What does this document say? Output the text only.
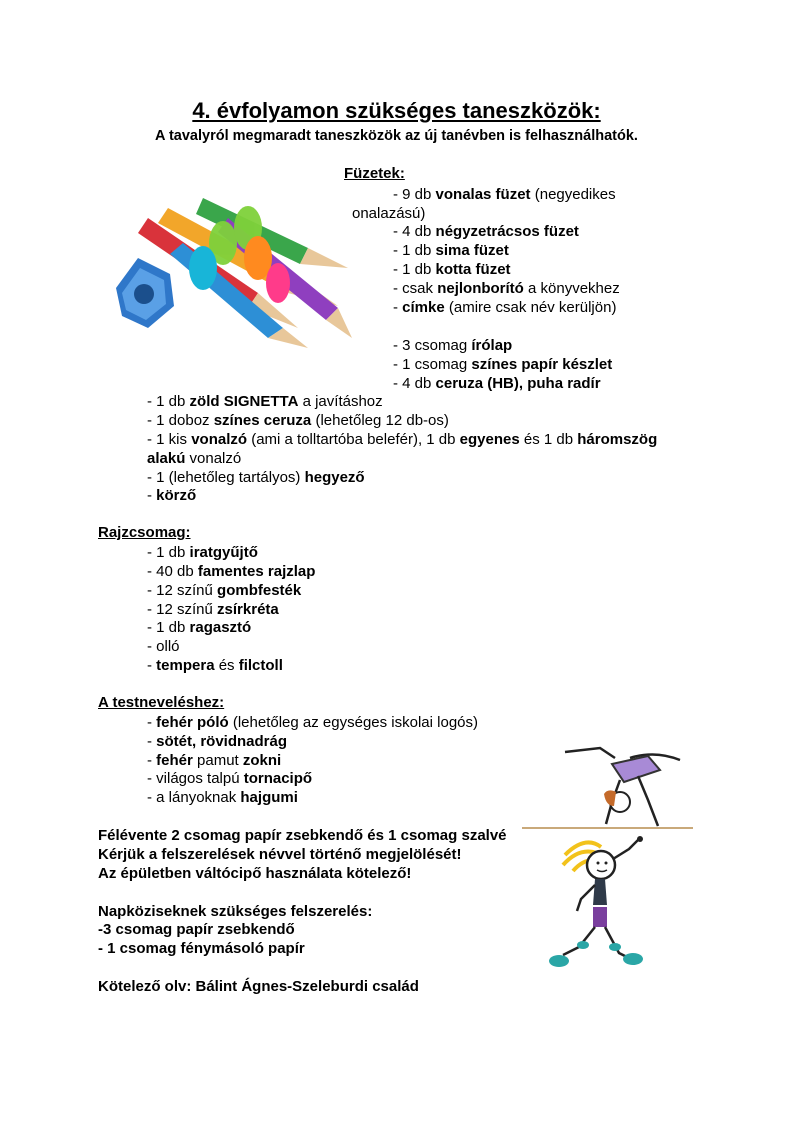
4. évfolyamon szükséges taneszközök:
A tavalyról megmaradt taneszközök az új tanévben is felhasználhatók.
Füzetek:
- 9 db vonalas füzet (negyedikes
onalazású)
- 4 db négyzetrácsos füzet
- 1 db sima füzet
- 1 db kotta füzet
- csak nejlonborító a könyvekhez
- címke (amire csak név kerüljön)
- 3 csomag írólap
- 1 csomag színes papír készlet
- 4 db ceruza (HB), puha radír
- 1 db zöld SIGNETTA a javításhoz
- 1 doboz színes ceruza (lehetőleg 12 db-os)
- 1 kis vonalzó (ami a tolltartóba belefér), 1 db egyenes és 1 db háromszög
alakú vonalzó
- 1 (lehetőleg tartályos) hegyező
- körző
Rajzcsomag:
- 1 db iratgyűjtő
- 40 db famentes rajzlap
- 12 színű gombfesték
- 12 színű zsírkréta
- 1 db ragasztó
- olló
- tempera és filctoll
A testneveléshez:
- fehér póló (lehetőleg az egységes iskolai logós)
- sötét, rövidnadrág
- fehér pamut zokni
- világos talpú tornacipő
- a lányoknak hajgumi
Félévente 2 csomag papír zsebkendő és 1 csomag szalvé
Kérjük a felszerelések névvel történő megjelölését!
Az épületben váltócipő használata kötelező!
Napköziseknek szükséges felszerelés:
-3 csomag papír zsebkendő
- 1 csomag fénymásoló papír
Kötelező olv: Bálint Ágnes-Szeleburdi család
